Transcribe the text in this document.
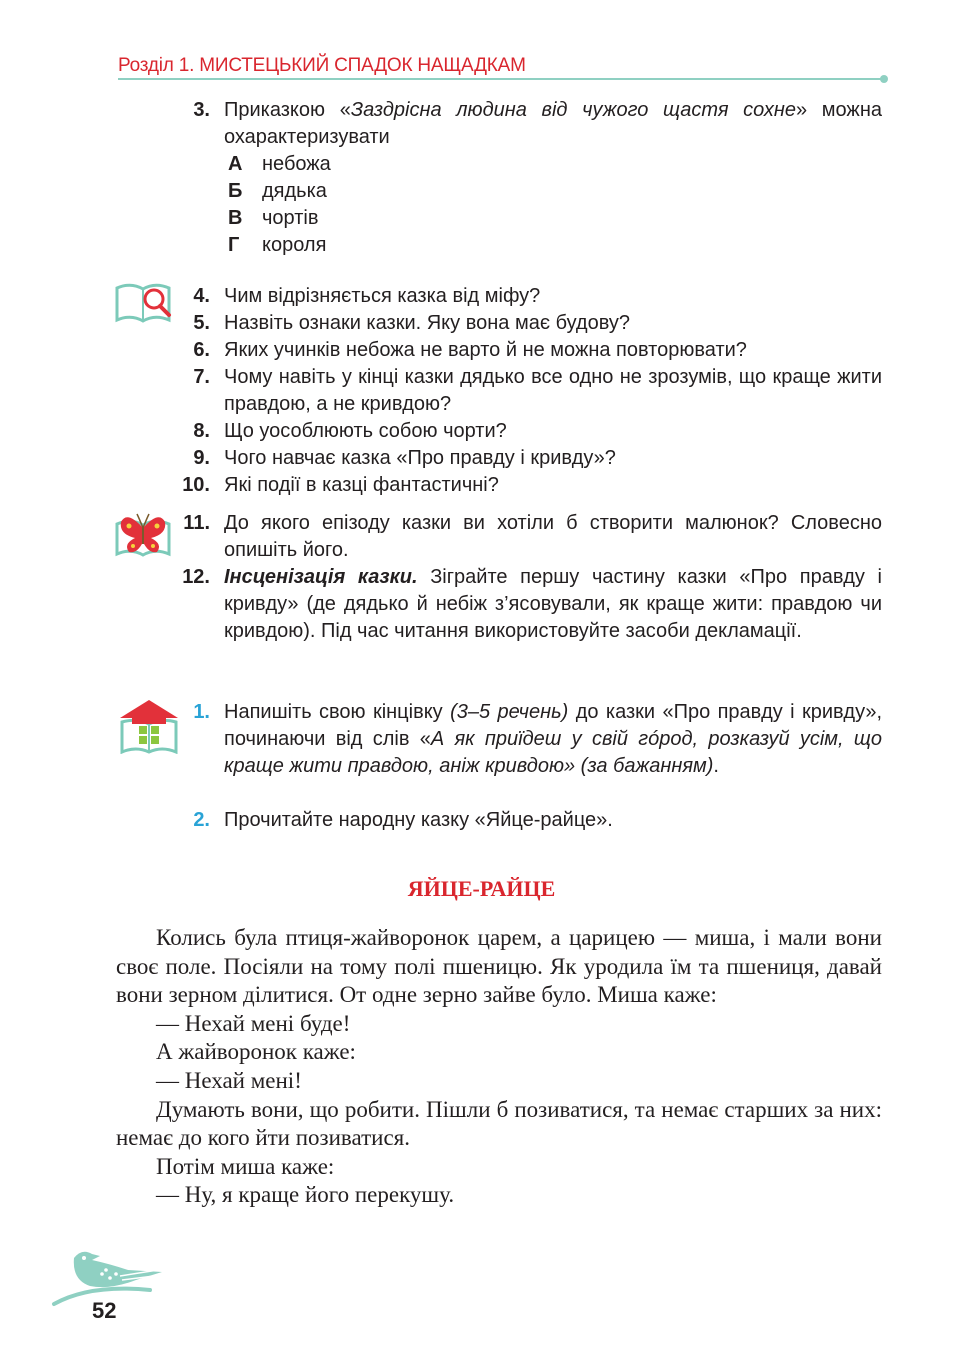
Розділ 1. МИСТЕЦЬКИЙ СПАДОК НАЩАДКАМ
3. Приказкою «Заздрісна людина від чужого щастя сохне» можна охарактеризувати
А небожа
Б дядька
В чортів
Г короля
4. Чим відрізняється казка від міфу?
5. Назвіть ознаки казки. Яку вона має будову?
6. Яких учинків небожа не варто й не можна повторювати?
7. Чому навіть у кінці казки дядько все одно не зрозумів, що краще жити правдою, а не кривдою?
8. Що уособлюють собою чорти?
9. Чого навчає казка «Про правду і кривду»?
10. Які події в казці фантастичні?
11. До якого епізоду казки ви хотіли б створити малюнок? Словесно опишіть його.
12. Інсценізація казки. Зіграйте першу частину казки «Про правду і кривду» (де дядько й небіж з’ясовували, як краще жити: правдою чи кривдою). Під час читання використовуйте засоби декламації.
1. Напишіть свою кінцівку (3–5 речень) до казки «Про правду і кривду», починаючи від слів «А як приїдеш у свій гóрод, розказуй усім, що краще жити правдою, аніж кривдою» (за бажанням).
2. Прочитайте народну казку «Яйце-райце».
ЯЙЦЕ-РАЙЦЕ

Колись була птиця-жайворонок царем, а царицею — миша, і мали вони своє поле. Посіяли на тому полі пшеницю. Як уродила їм та пшениця, давай вони зерном ділитися. От одне зерно зайве було. Миша каже:

— Нехай мені буде!

А жайворонок каже:

— Нехай мені!

Думають вони, що робити. Пішли б позиватися, та немає старших за них: немає до кого йти позиватися.

Потім миша каже:

— Ну, я краще його перекушу.

52
